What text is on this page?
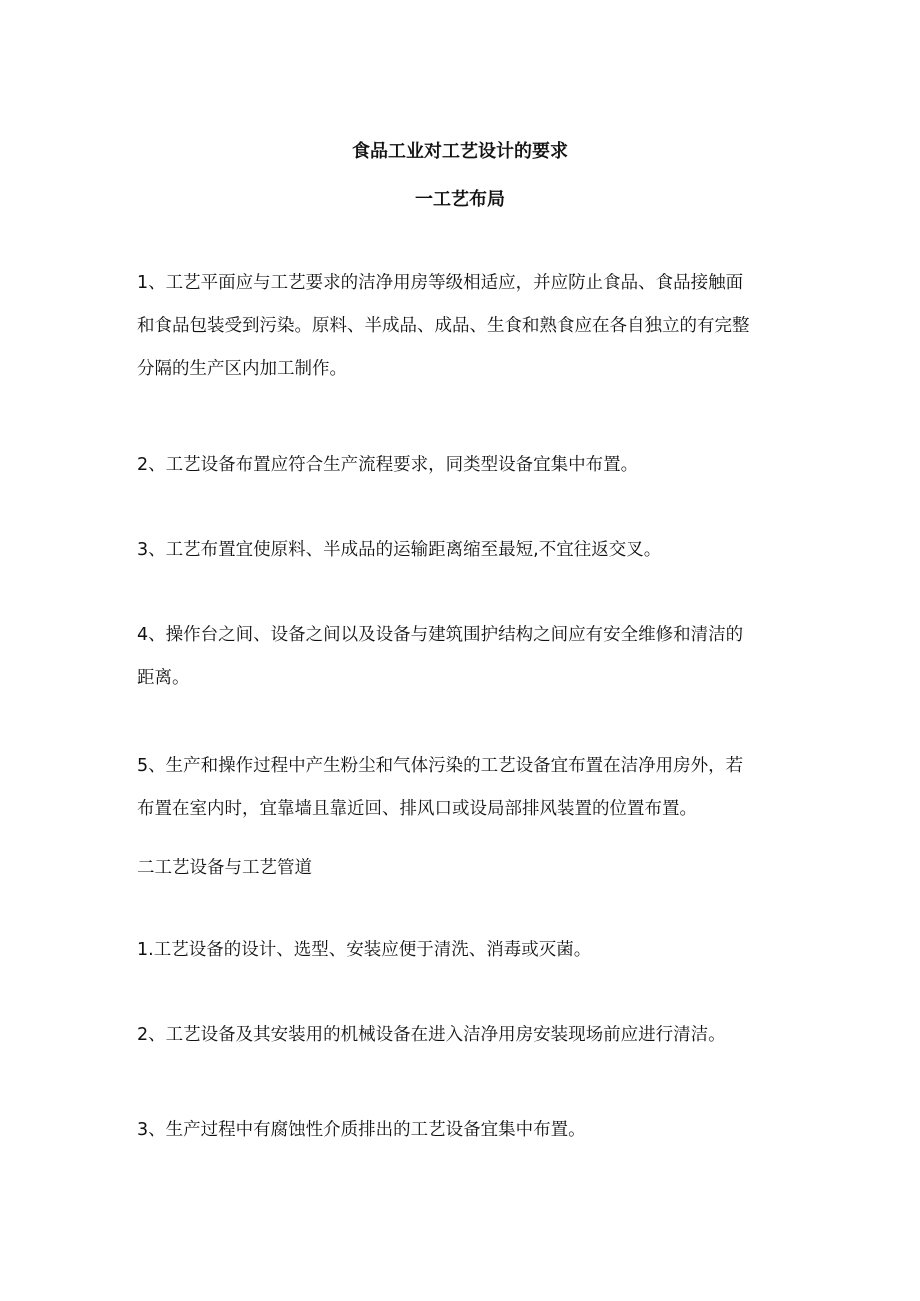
食品工业对工艺设计的要求
一工艺布局
1、工艺平面应与工艺要求的洁净用房等级相适应，并应防止食品、食品接触面
和食品包装受到污染。原料、半成品、成品、生食和熟食应在各自独立的有完整
分隔的生产区内加工制作。
2、工艺设备布置应符合生产流程要求，同类型设备宜集中布置。
3、工艺布置宜使原料、半成品的运输距离缩至最短,不宜往返交叉。
4、操作台之间、设备之间以及设备与建筑围护结构之间应有安全维修和清洁的
距离。
5、生产和操作过程中产生粉尘和气体污染的工艺设备宜布置在洁净用房外，若
布置在室内时，宜靠墙且靠近回、排风口或设局部排风装置的位置布置。
二工艺设备与工艺管道
1.工艺设备的设计、选型、安装应便于清洗、消毒或灭菌。
2、工艺设备及其安装用的机械设备在进入洁净用房安装现场前应进行清洁。
3、生产过程中有腐蚀性介质排出的工艺设备宜集中布置。
